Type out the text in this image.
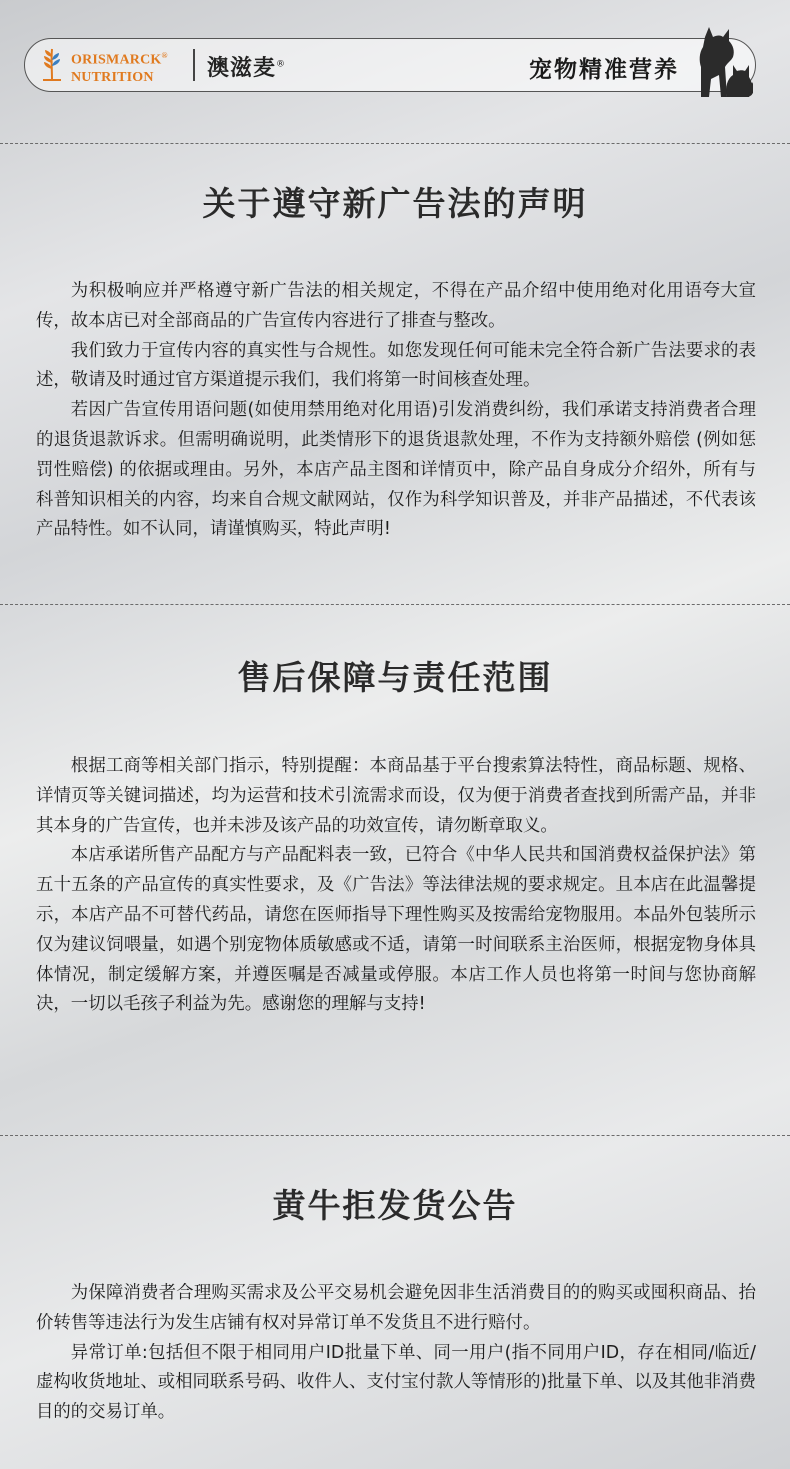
ORISMARCK®
NUTRITION	澳滋麦®	宠物精准营养
关于遵守新广告法的声明

为积极响应并严格遵守新广告法的相关规定，不得在产品介绍中使用绝对化用语夸大宣传，故本店已对全部商品的广告宣传内容进行了排查与整改。

我们致力于宣传内容的真实性与合规性。如您发现任何可能未完全符合新广告法要求的表述，敬请及时通过官方渠道提示我们，我们将第一时间核查处理。

若因广告宣传用语问题(如使用禁用绝对化用语)引发消费纠纷，我们承诺支持消费者合理的退货退款诉求。但需明确说明，此类情形下的退货退款处理，不作为支持额外赔偿 (例如惩罚性赔偿) 的依据或理由。另外，本店产品主图和详情页中，除产品自身成分介绍外，所有与科普知识相关的内容，均来自合规文献网站，仅作为科学知识普及，并非产品描述，不代表该产品特性。如不认同，请谨慎购买，特此声明!

售后保障与责任范围

根据工商等相关部门指示，特别提醒：本商品基于平台搜索算法特性，商品标题、规格、详情页等关键词描述，均为运营和技术引流需求而设，仅为便于消费者查找到所需产品，并非其本身的广告宣传，也并未涉及该产品的功效宣传，请勿断章取义。

本店承诺所售产品配方与产品配料表一致，已符合《中华人民共和国消费权益保护法》第五十五条的产品宣传的真实性要求，及《广告法》等法律法规的要求规定。且本店在此温馨提示，本店产品不可替代药品，请您在医师指导下理性购买及按需给宠物服用。本品外包装所示仅为建议饲喂量，如遇个别宠物体质敏感或不适，请第一时间联系主治医师，根据宠物身体具体情况，制定缓解方案，并遵医嘱是否减量或停服。本店工作人员也将第一时间与您协商解决，一切以毛孩子利益为先。感谢您的理解与支持!

黄牛拒发货公告

为保障消费者合理购买需求及公平交易机会避免因非生活消费目的的购买或囤积商品、抬价转售等违法行为发生店铺有权对异常订单不发货且不进行赔付。

异常订单:包括但不限于相同用户ID批量下单、同一用户(指不同用户ID，存在相同/临近/虚构收货地址、或相同联系号码、收件人、支付宝付款人等情形的)批量下单、以及其他非消费目的的交易订单。
